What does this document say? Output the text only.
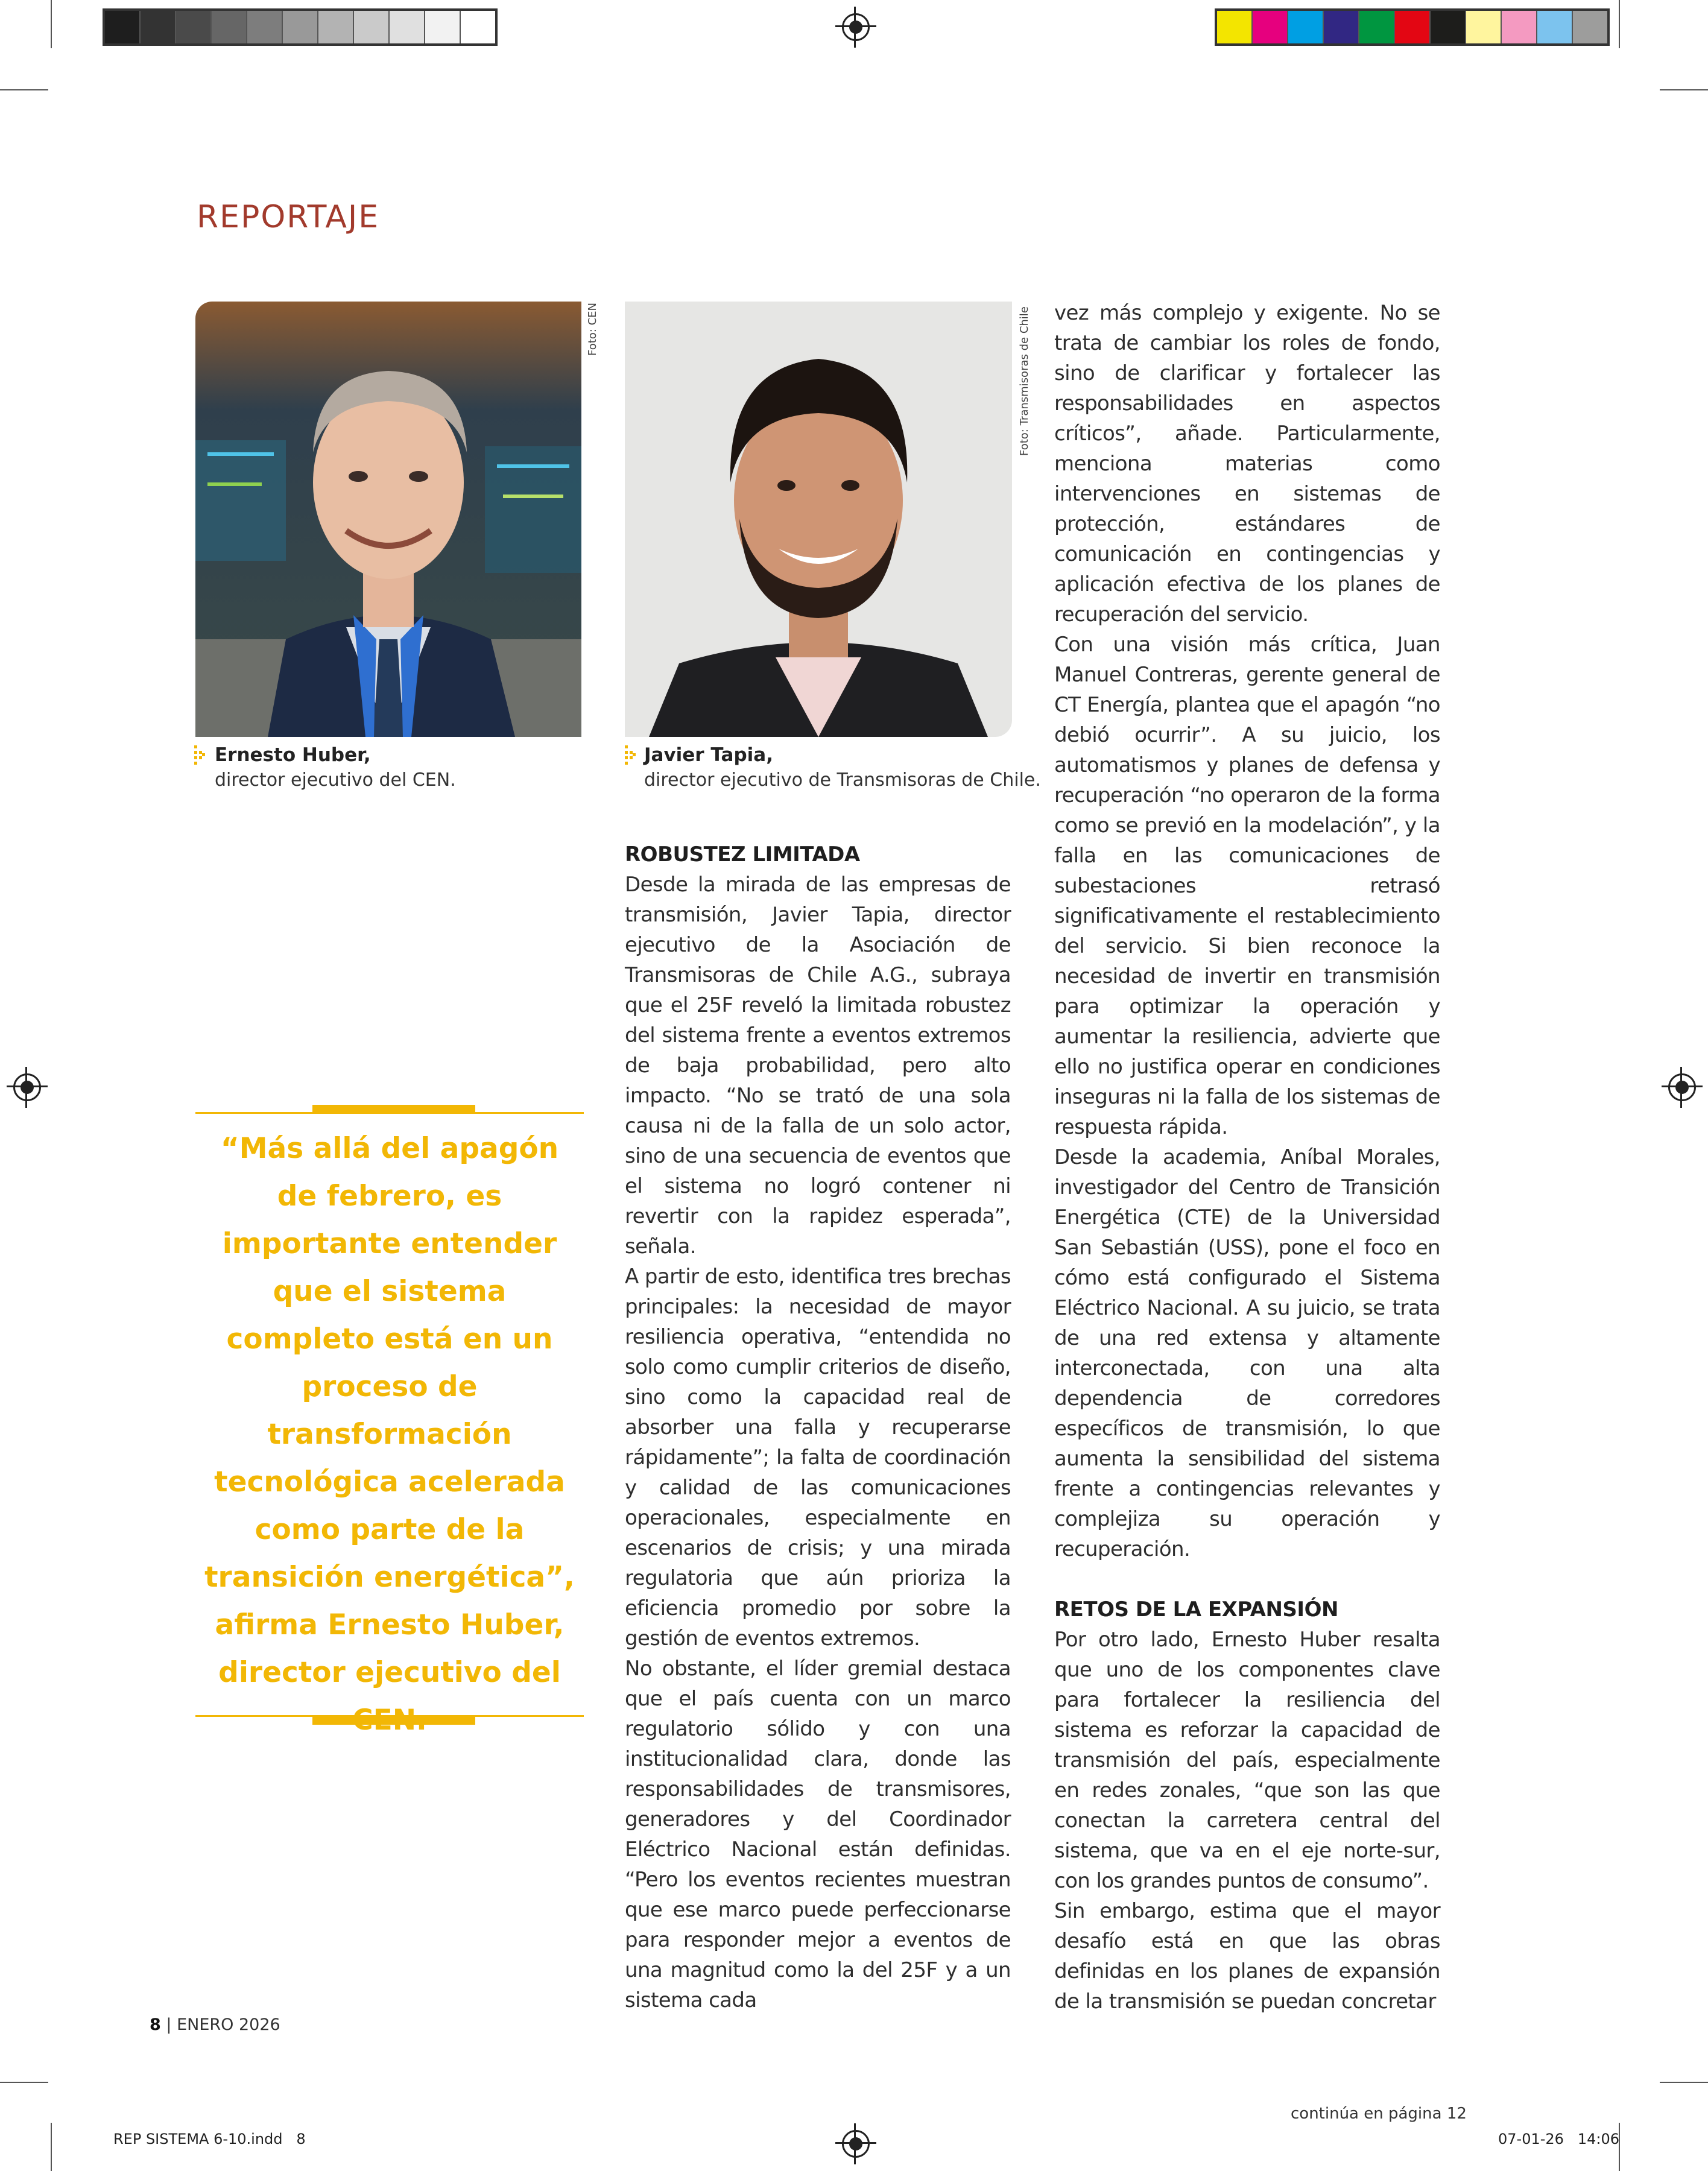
REPORTAJE
Foto: CEN
Ernesto Huber,
director ejecutivo del CEN.
Foto: Transmisoras de Chile
Javier Tapia,
director ejecutivo de Transmisoras de Chile.
“Más allá del apagón de febrero, es importante entender que el sistema completo está en un proceso de transformación tecnológica acelerada como parte de la transición energética”, afirma Ernesto Huber, director ejecutivo del
ROBUSTEZ LIMITADA

Desde la mirada de las empresas de transmisión, Javier Tapia, director ejecutivo de la Asociación de Transmisoras de Chile A.G., subraya que el 25F reveló la limitada robustez del sistema frente a eventos extremos de baja probabilidad, pero alto impacto. “No se trató de una sola causa ni de la falla de un solo actor, sino de una secuencia de eventos que el sistema no logró contener ni revertir con la rapidez esperada”, señala.

A partir de esto, identifica tres brechas principales: la necesidad de mayor resiliencia operativa, “entendida no solo como cumplir criterios de diseño, sino como la capacidad real de absorber una falla y recuperarse rápidamente”; la falta de coordinación y calidad de las comunicaciones operacionales, especialmente en escenarios de crisis; y una mirada regulatoria que aún prioriza la eficiencia promedio por sobre la gestión de eventos extremos.

No obstante, el líder gremial destaca que el país cuenta con un marco regulatorio sólido y con una institucionalidad clara, donde las responsabilidades de transmisores, generadores y del Coordinador Eléctrico Nacional están definidas. “Pero los eventos recientes muestran que ese marco puede perfeccionarse para responder mejor a eventos de una magnitud como la del 25F y a un sistema cada

vez más complejo y exigente. No se trata de cambiar los roles de fondo, sino de clarificar y fortalecer las responsabilidades en aspectos críticos”, añade. Particularmente, menciona materias como intervenciones en sistemas de protección, estándares de comunicación en contingencias y aplicación efectiva de los planes de recuperación del servicio.

Con una visión más crítica, Juan Manuel Contreras, gerente general de CT Energía, plantea que el apagón “no debió ocurrir”. A su juicio, los automatismos y planes de defensa y recuperación “no operaron de la forma como se previó en la modelación”, y la falla en las comunicaciones de subestaciones retrasó significativamente el restablecimiento del servicio. Si bien reconoce la necesidad de invertir en transmisión para optimizar la operación y aumentar la resiliencia, advierte que ello no justifica operar en condiciones inseguras ni la falla de los sistemas de respuesta rápida.

Desde la academia, Aníbal Morales, investigador del Centro de Transición Energética (CTE) de la Universidad San Sebastián (USS), pone el foco en cómo está configurado el Sistema Eléctrico Nacional. A su juicio, se trata de una red extensa y altamente interconectada, con una alta dependencia de corredores específicos de transmisión, lo que aumenta la sensibilidad del sistema frente a contingencias relevantes y complejiza su operación y recuperación.

RETOS DE LA EXPANSIÓN

Por otro lado, Ernesto Huber resalta que uno de los componentes clave para fortalecer la resiliencia del sistema es reforzar la capacidad de transmisión del país, especialmente en redes zonales, “que son las que conectan la carretera central del sistema, que va en el eje norte-sur, con los grandes puntos de consumo”.

Sin embargo, estima que el mayor desafío está en que las obras definidas en los planes de expansión de la transmisión se puedan concretar

8 | ENERO 2026
continúa en página 12
REP SISTEMA 6-10.indd   8	07-01-26   14:06
